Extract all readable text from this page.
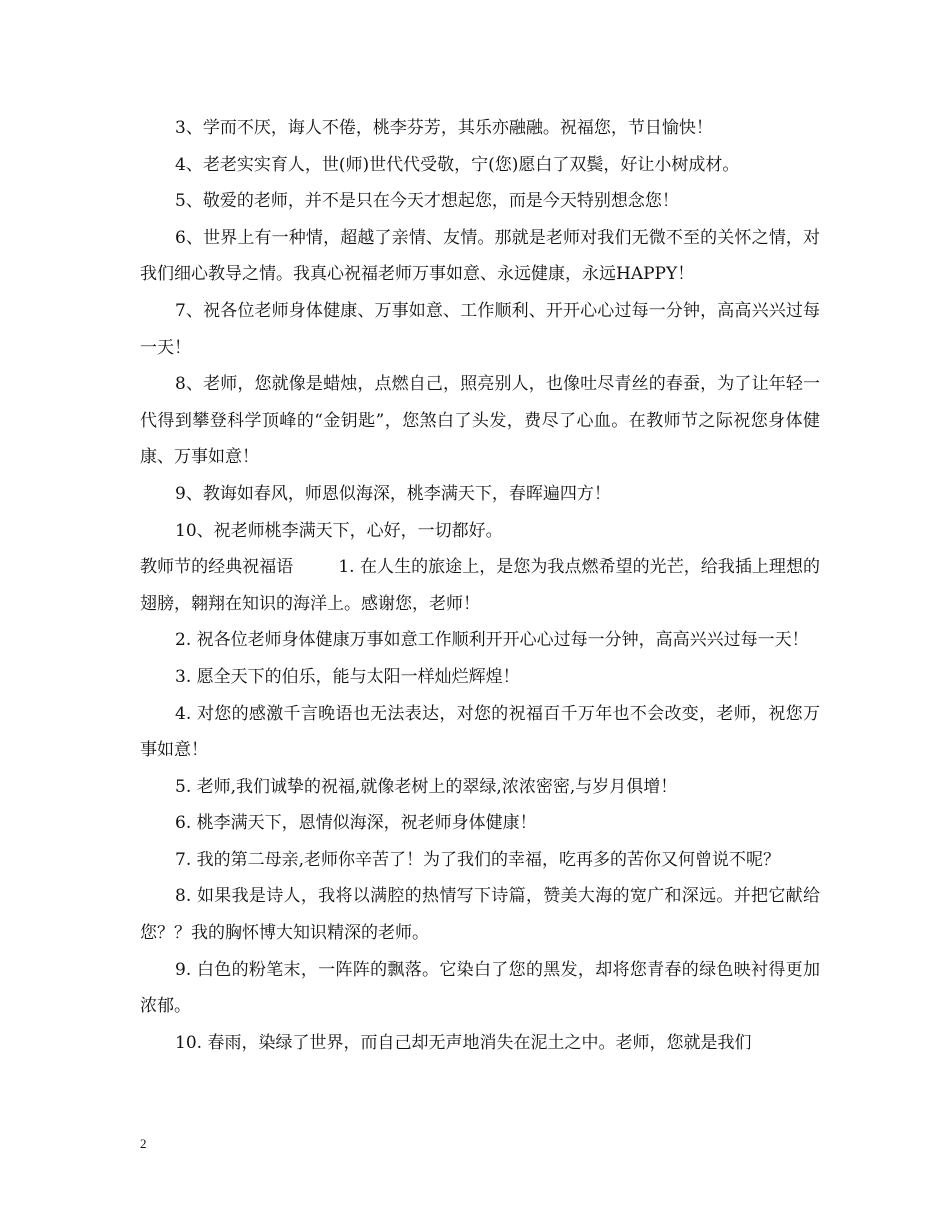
3、学而不厌，诲人不倦，桃李芬芳，其乐亦融融。祝福您，节日愉快！

4、老老实实育人，世(师)世代代受敬，宁(您)愿白了双鬓，好让小树成材。

5、敬爱的老师，并不是只在今天才想起您，而是今天特别想念您！

6、世界上有一种情，超越了亲情、友情。那就是老师对我们无微不至的关怀之情，对我们细心教导之情。我真心祝福老师万事如意、永远健康，永远HAPPY！

7、祝各位老师身体健康、万事如意、工作顺利、开开心心过每一分钟，高高兴兴过每一天！

8、老师，您就像是蜡烛，点燃自己，照亮别人，也像吐尽青丝的春蚕，为了让年轻一代得到攀登科学顶峰的“金钥匙”，您煞白了头发，费尽了心血。在教师节之际祝您身体健康、万事如意！

9、教诲如春风，师恩似海深，桃李满天下，春晖遍四方！

10、祝老师桃李满天下，心好，一切都好。

教师节的经典祝福语　　	1. 在人生的旅途上，是您为我点燃希望的光芒，给我插上理想的翅膀，翱翔在知识的海洋上。感谢您，老师！

2. 祝各位老师身体健康万事如意工作顺利开开心心过每一分钟，高高兴兴过每一天！

3. 愿全天下的伯乐，能与太阳一样灿烂辉煌！

4. 对您的感激千言晚语也无法表达，对您的祝福百千万年也不会改变，老师，祝您万事如意！

5. 老师,我们诚挚的祝福,就像老树上的翠绿,浓浓密密,与岁月俱增！

6. 桃李满天下，恩情似海深，祝老师身体健康！

7. 我的第二母亲,老师你辛苦了！为了我们的幸福，吃再多的苦你又何曾说不呢？

8. 如果我是诗人，我将以满腔的热情写下诗篇，赞美大海的宽广和深远。并把它献给您？？我的胸怀博大知识精深的老师。

9. 白色的粉笔末，一阵阵的飘落。它染白了您的黑发，却将您青春的绿色映衬得更加浓郁。

10. 春雨，染绿了世界，而自己却无声地消失在泥土之中。老师，您就是我们

2
